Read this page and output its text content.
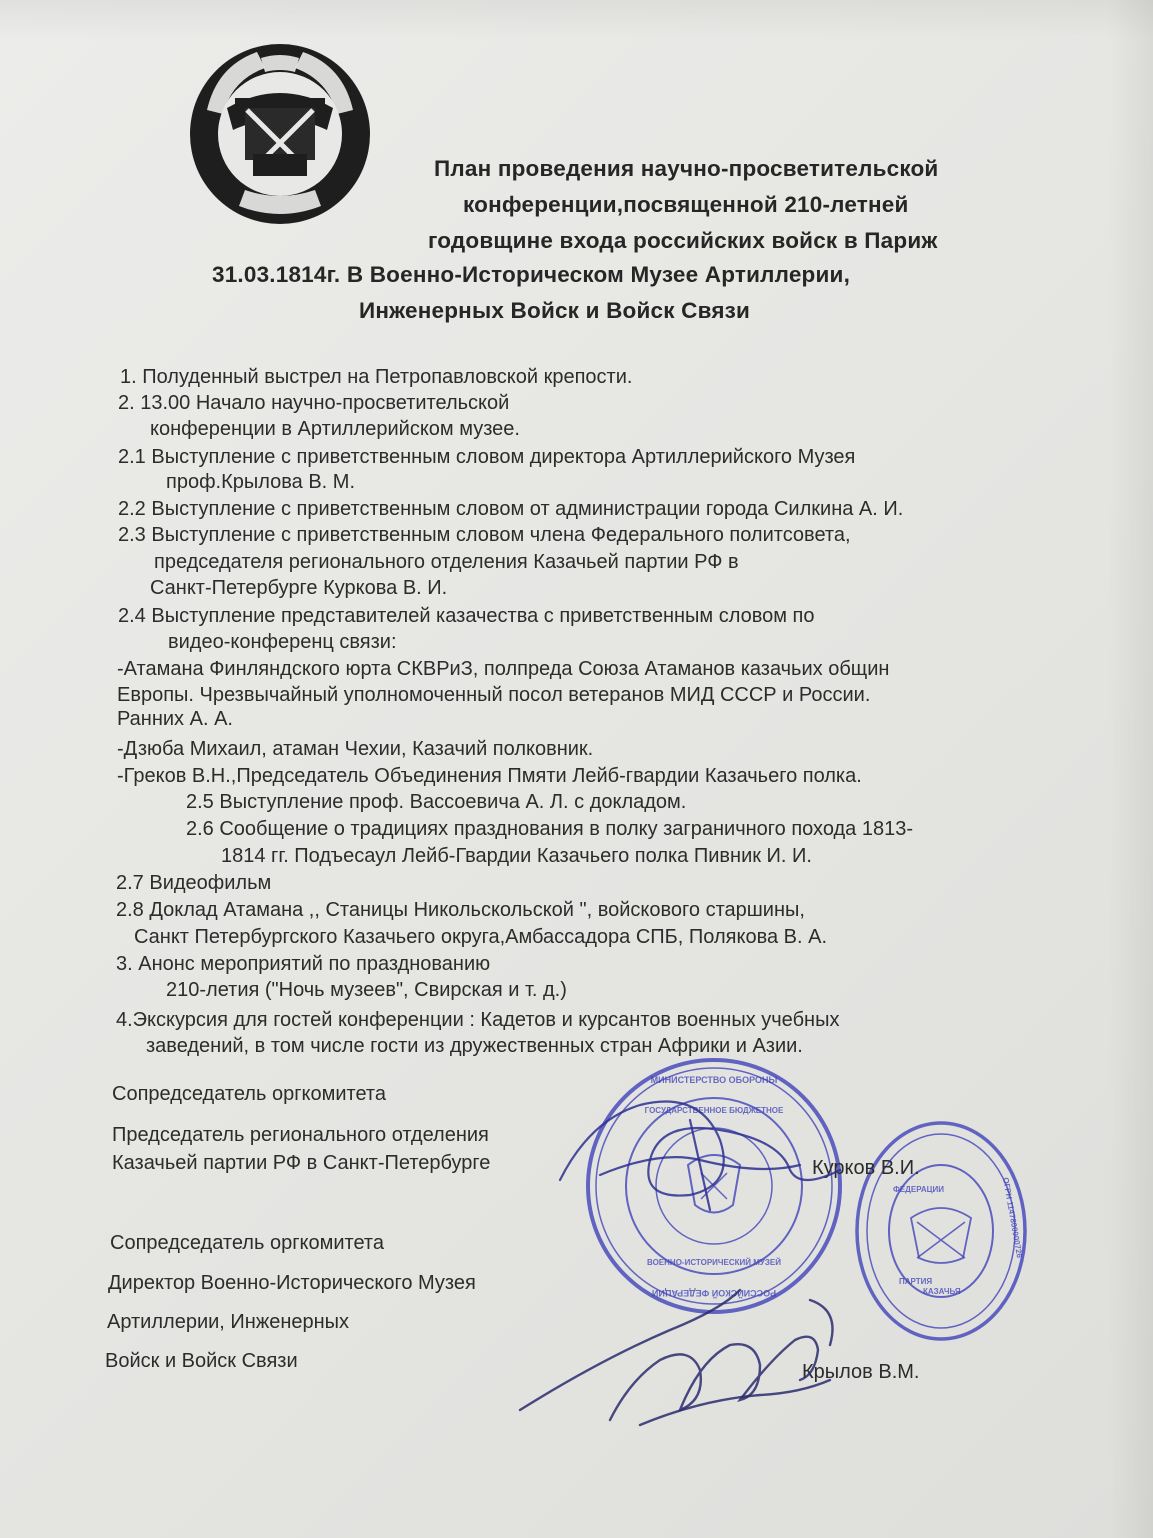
План проведения научно-просветительской
конференции,посвященной 210-летней
годовщине входа российских войск в Париж
31.03.1814г. В Военно-Историческом Музее Артиллерии,
Инженерных Войск и Войск Связи
1. Полуденный выстрел на Петропавловской крепости.
2. 13.00 Начало научно-просветительской
конференции в Артиллерийском музее.
2.1 Выступление с приветственным словом директора Артиллерийского Музея
проф.Крылова В. М.
2.2 Выступление с приветственным словом от администрации города Силкина А. И.
2.3 Выступление с приветственным словом члена Федерального политсовета,
председателя регионального отделения Казачьей партии РФ в
Санкт-Петербурге Куркова В. И.
2.4 Выступление представителей казачества с приветственным словом по
видео-конференц связи:
-Атамана Финляндского юрта СКВРиЗ, полпреда Союза Атаманов казачьих общин
Европы. Чрезвычайный уполномоченный посол ветеранов МИД СССР и России.
Ранних А. А.
-Дзюба Михаил, атаман Чехии, Казачий полковник.
-Греков В.Н.,Председатель Объединения Пмяти Лейб-гвардии Казачьего полка.
2.5 Выступление проф. Вассоевича А. Л. с докладом.
2.6 Сообщение о традициях празднования в полку заграничного похода 1813-
1814 гг. Подъесаул Лейб-Гвардии Казачьего полка Пивник И. И.
2.7 Видеофильм
2.8 Доклад Атамана ,, Станицы Никольскольской ", войскового старшины,
Санкт Петербургского Казачьего округа,Амбассадора СПБ, Полякова В. А.
3. Анонс мероприятий по празднованию
210-летия ("Ночь музеев", Свирская и т. д.)
4.Экскурсия для гостей конференции : Кадетов и курсантов военных учебных
заведений, в том числе гости из дружественных стран Африки и Азии.
Сопредседатель оргкомитета
Председатель регионального отделения
Казачьей партии РФ в Санкт-Петербурге
Сопредседатель оргкомитета
Директор Военно-Исторического Музея
Артиллерии, Инженерных
Войск и Войск Связи	Крылов В.М.
МИНИСТЕРСТВО ОБОРОНЫ
РОССИЙСКОЙ ФЕДЕРАЦИИ
ГОСУДАРСТВЕННОЕ БЮДЖЕТНОЕ
ВОЕННО-ИСТОРИЧЕСКИЙ МУЗЕЙ
ОГРН 1147800000726
ФЕДЕРАЦИИ
ПАРТИЯ
КАЗАЧЬЯ
Курков В.И.
